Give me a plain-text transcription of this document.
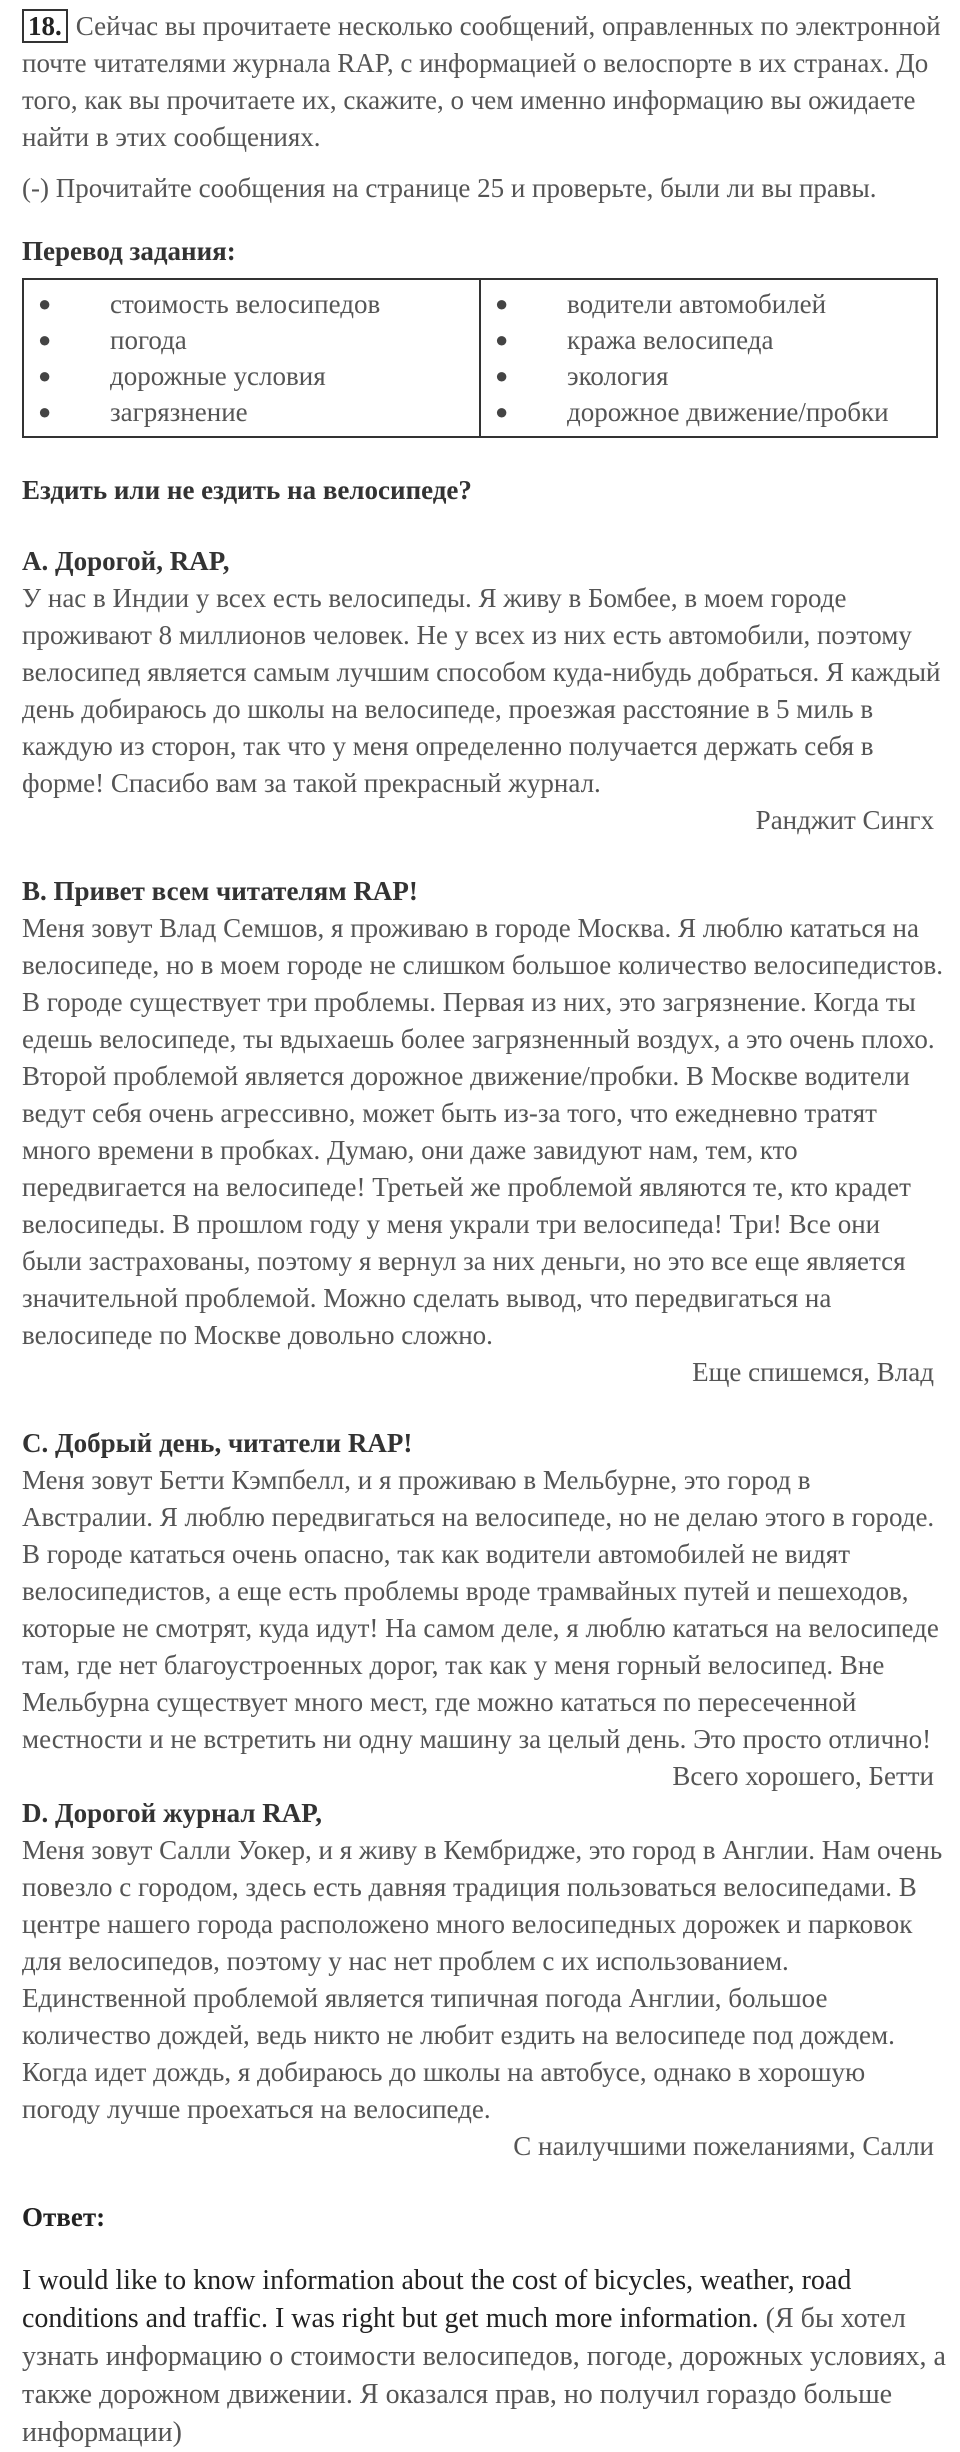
18. Сейчас вы прочитаете несколько сообщений, оправленных по электронной почте читателями журнала RAP, с информацией о велоспорте в их странах. До того, как вы прочитаете их, скажите, о чем именно информацию вы ожидаете найти в этих сообщениях.

(-) Прочитайте сообщения на странице 25 и проверьте, были ли вы правы.

Перевод задания:

●	стоимость велосипедов
●	погода
●	дорожные условия
●	загрязнение
●	водители автомобилей
●	кража велосипеда
●	экология
●	дорожное движение/пробки

Ездить или не ездить на велосипеде?

A. Дорогой, RAP,

У нас в Индии у всех есть велосипеды. Я живу в Бомбее, в моем городе проживают 8 миллионов человек. Не у всех из них есть автомобили, поэтому велосипед является самым лучшим способом куда-нибудь добраться. Я каждый день добираюсь до школы на велосипеде, проезжая расстояние в 5 миль в каждую из сторон, так что у меня определенно получается держать себя в форме! Спасибо вам за такой прекрасный журнал.

Ранджит Сингх

B. Привет всем читателям RAP!

Меня зовут Влад Семшов, я проживаю в городе Москва. Я люблю кататься на велосипеде, но в моем городе не слишком большое количество велосипедистов. В городе существует три проблемы. Первая из них, это загрязнение. Когда ты едешь велосипеде, ты вдыхаешь более загрязненный воздух, а это очень плохо. Второй проблемой является дорожное движение/пробки. В Москве водители ведут себя очень агрессивно, может быть из-за того, что ежедневно тратят много времени в пробках. Думаю, они даже завидуют нам, тем, кто передвигается на велосипеде! Третьей же проблемой являются те, кто крадет велосипеды. В прошлом году у меня украли три велосипеда! Три! Все они были застрахованы, поэтому я вернул за них деньги, но это все еще является значительной проблемой. Можно сделать вывод, что передвигаться на велосипеде по Москве довольно сложно.

Еще спишемся, Влад

C. Добрый день, читатели RAP!

Меня зовут Бетти Кэмпбелл, и я проживаю в Мельбурне, это город в Австралии. Я люблю передвигаться на велосипеде, но не делаю этого в городе. В городе кататься очень опасно, так как водители автомобилей не видят велосипедистов, а еще есть проблемы вроде трамвайных путей и пешеходов, которые не смотрят, куда идут! На самом деле, я люблю кататься на велосипеде там, где нет благоустроенных дорог, так как у меня горный велосипед. Вне Мельбурна существует много мест, где можно кататься по пересеченной местности и не встретить ни одну машину за целый день. Это просто отлично!

Всего хорошего, Бетти

D. Дорогой журнал RAP,

Меня зовут Салли Уокер, и я живу в Кембридже, это город в Англии. Нам очень повезло с городом, здесь есть давняя традиция пользоваться велосипедами. В центре нашего города расположено много велосипедных дорожек и парковок для велосипедов, поэтому у нас нет проблем с их использованием. Единственной проблемой является типичная погода Англии, большое количество дождей, ведь никто не любит ездить на велосипеде под дождем. Когда идет дождь, я добираюсь до школы на автобусе, однако в хорошую погоду лучше проехаться на велосипеде.

С наилучшими пожеланиями, Салли

Ответ:

I would like to know information about the cost of bicycles, weather, road conditions and traffic. I was right but get much more information. (Я бы хотел узнать информацию о стоимости велосипедов, погоде, дорожных условиях, а также дорожном движении. Я оказался прав, но получил гораздо больше информации)
